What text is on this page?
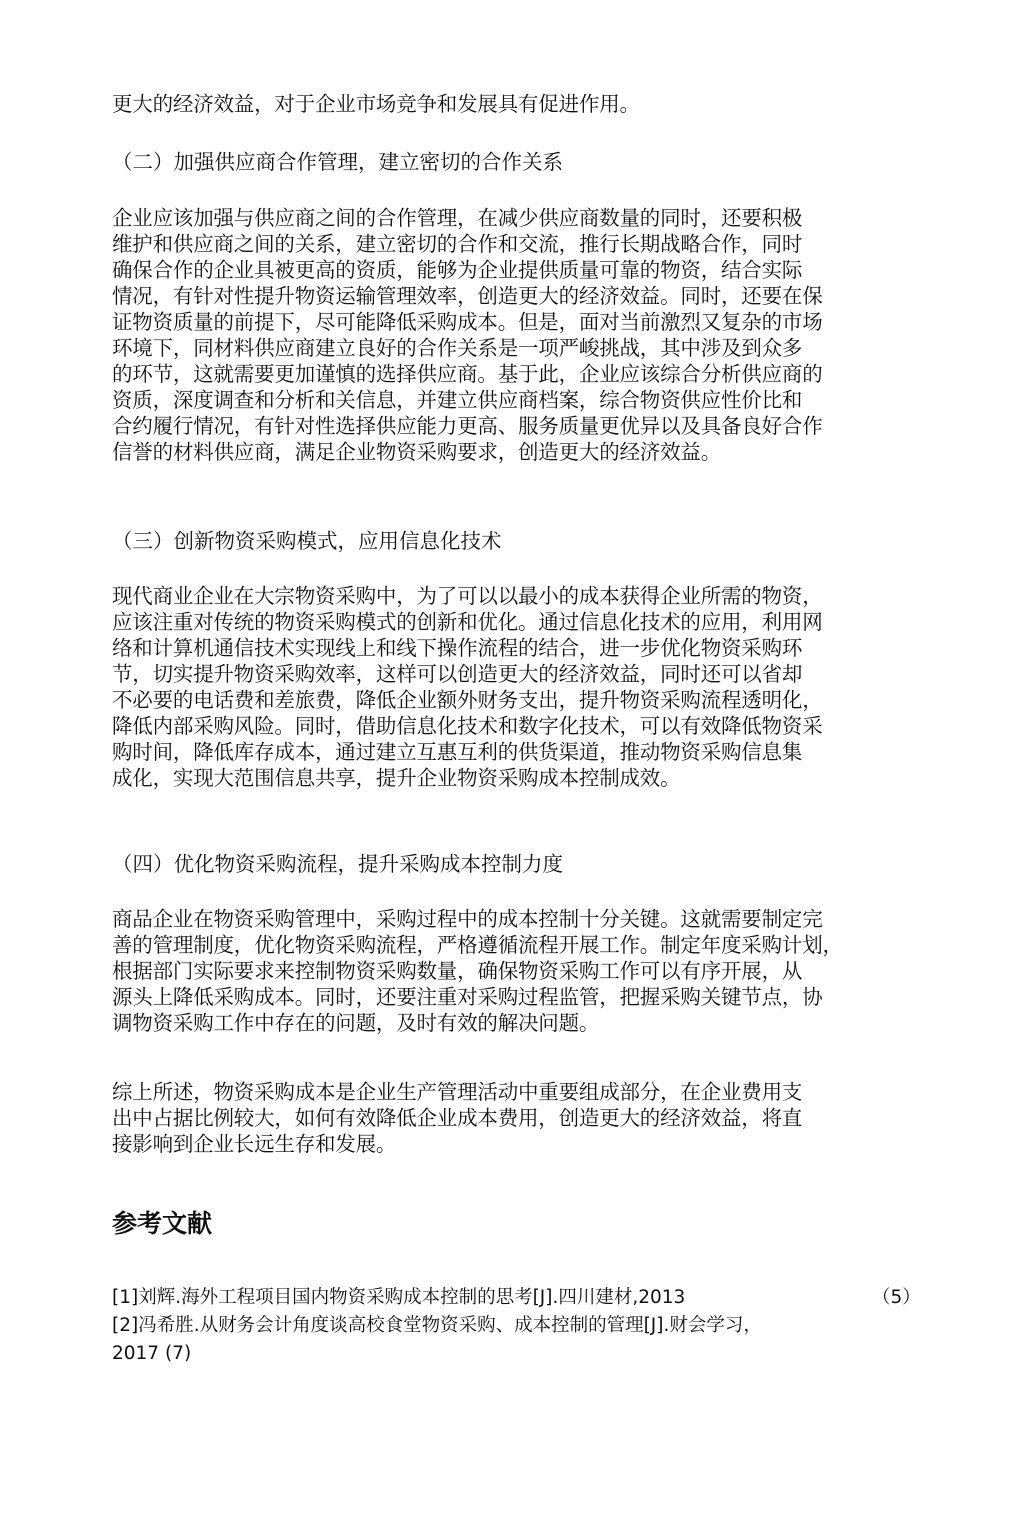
更大的经济效益，对于企业市场竞争和发展具有促进作用。

（二）加强供应商合作管理，建立密切的合作关系

企业应该加强与供应商之间的合作管理，在减少供应商数量的同时，还要积极
维护和供应商之间的关系，建立密切的合作和交流，推行长期战略合作，同时
确保合作的企业具被更高的资质，能够为企业提供质量可靠的物资，结合实际
情况，有针对性提升物资运输管理效率，创造更大的经济效益。同时，还要在保
证物资质量的前提下，尽可能降低采购成本。但是，面对当前激烈又复杂的市场
环境下，同材料供应商建立良好的合作关系是一项严峻挑战，其中涉及到众多
的环节，这就需要更加谨慎的选择供应商。基于此，企业应该综合分析供应商的
资质，深度调查和分析和关信息，并建立供应商档案，综合物资供应性价比和
合约履行情况，有针对性选择供应能力更高、服务质量更优异以及具备良好合作
信誉的材料供应商，满足企业物资采购要求，创造更大的经济效益。

（三）创新物资采购模式，应用信息化技术

现代商业企业在大宗物资采购中，为了可以以最小的成本获得企业所需的物资，
应该注重对传统的物资采购模式的创新和优化。通过信息化技术的应用，利用网
络和计算机通信技术实现线上和线下操作流程的结合，进一步优化物资采购环
节，切实提升物资采购效率，这样可以创造更大的经济效益，同时还可以省却
不必要的电话费和差旅费，降低企业额外财务支出，提升物资采购流程透明化，
降低内部采购风险。同时，借助信息化技术和数字化技术，可以有效降低物资采
购时间，降低库存成本，通过建立互惠互利的供货渠道，推动物资采购信息集
成化，实现大范围信息共享，提升企业物资采购成本控制成效。

（四）优化物资采购流程，提升采购成本控制力度

商品企业在物资采购管理中，采购过程中的成本控制十分关键。这就需要制定完
善的管理制度，优化物资采购流程，严格遵循流程开展工作。制定年度采购计划，
根据部门实际要求来控制物资采购数量，确保物资采购工作可以有序开展，从
源头上降低采购成本。同时，还要注重对采购过程监管，把握采购关键节点，协
调物资采购工作中存在的问题，及时有效的解决问题。

综上所述，物资采购成本是企业生产管理活动中重要组成部分，在企业费用支
出中占据比例较大，如何有效降低企业成本费用，创造更大的经济效益，将直
接影响到企业长远生存和发展。

参考文献
[1]刘辉.海外工程项目国内物资采购成本控制的思考[J].四川建材,2013	（5）
[2]冯希胜.从财务会计角度谈高校食堂物资采购、成本控制的管理[J].财会学习，
2017 (7)
